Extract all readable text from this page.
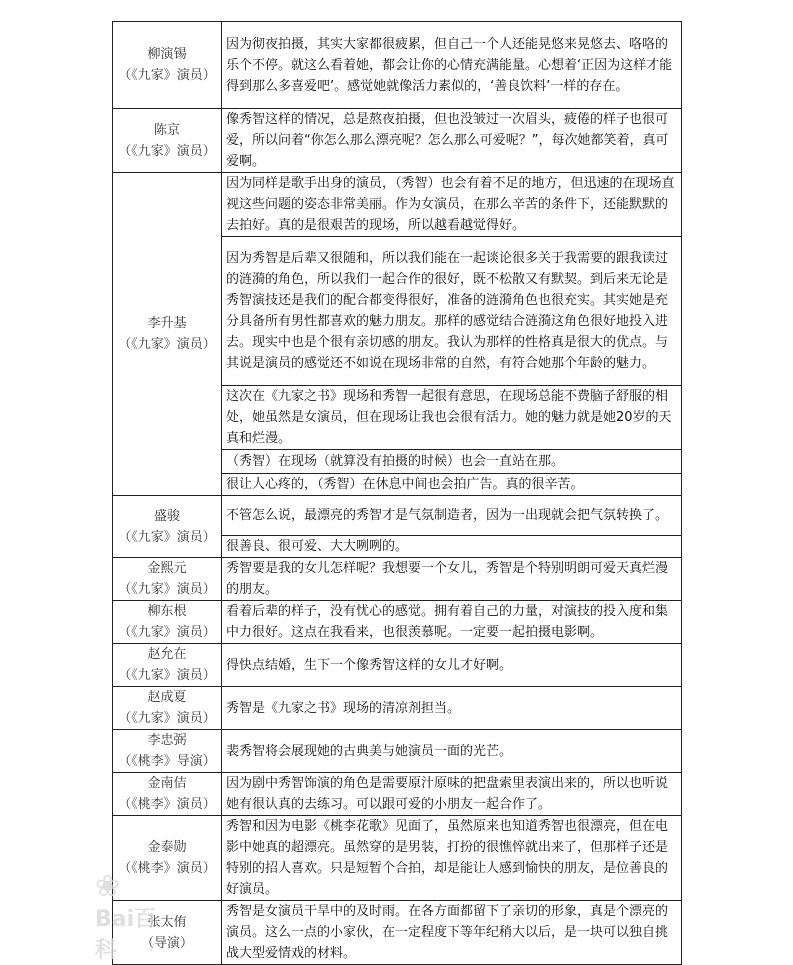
柳演锡
（《九家》演员）	因为彻夜拍摄，其实大家都很疲累，但自己一个人还能晃悠来晃悠去、咯咯的乐个不停。就这么看着她，都会让你的心情充满能量。心想着‘正因为这样才能得到那么多喜爱吧’。感觉她就像活力素似的，‘善良饮料’一样的存在。

陈京
（《九家》演员）	像秀智这样的情况，总是熬夜拍摄，但也没皱过一次眉头，疲倦的样子也很可爱，所以问着“你怎么那么漂亮呢？怎么那么可爱呢？”，每次她都笑着，真可爱啊。

李升基
（《九家》演员）	因为同样是歌手出身的演员，（秀智）也会有着不足的地方，但迅速的在现场直视这些问题的姿态非常美丽。作为女演员，在那么辛苦的条件下，还能默默的去拍好。真的是很艰苦的现场，所以越看越觉得好。
	因为秀智是后辈又很随和，所以我们能在一起谈论很多关于我需要的跟我读过的涟漪的角色，所以我们一起合作的很好，既不松散又有默契。到后来无论是秀智演技还是我们的配合都变得很好，准备的涟漪角色也很充实。其实她是充分具备所有男性都喜欢的魅力朋友。那样的感觉结合涟漪这角色很好地投入进去。现实中也是个很有亲切感的朋友。我认为那样的性格真是很大的优点。与其说是演员的感觉还不如说在现场非常的自然，有符合她那个年龄的魅力。
	这次在《九家之书》现场和秀智一起很有意思，在现场总能不费脑子舒服的相处，她虽然是女演员，但在现场让我也会很有活力。她的魅力就是她20岁的天真和烂漫。
	（秀智）在现场（就算没有拍摄的时候）也会一直站在那。
	很让人心疼的，（秀智）在休息中间也会拍广告。真的很辛苦。

盛骏
（《九家》演员）	不管怎么说，最漂亮的秀智才是气氛制造者，因为一出现就会把气氛转换了。
	很善良、很可爱、大大咧咧的。

金熙元
（《九家》演员）	秀智要是我的女儿怎样呢？我想要一个女儿，秀智是个特别明朗可爱天真烂漫的朋友。

柳东根
（《九家》演员）	看着后辈的样子，没有忧心的感觉。拥有着自己的力量，对演技的投入度和集中力很好。这点在我看来，也很羡慕呢。一定要一起拍摄电影啊。

赵允在
（《九家》演员）	得快点结婚，生下一个像秀智这样的女儿才好啊。

赵成夏
（《九家》演员）	秀智是《九家之书》现场的清凉剂担当。

李忠弼
（《桃李》导演）	裴秀智将会展现她的古典美与她演员一面的光芒。

金南佶
（《桃李》演员）	因为剧中秀智饰演的角色是需要原汁原味的把盘索里表演出来的，所以也听说她有很认真的去练习。可以跟可爱的小朋友一起合作了。

金泰勋
（《桃李》演员）	秀智和因为电影《桃李花歌》见面了，虽然原来也知道秀智也很漂亮，但在电影中她真的超漂亮。虽然穿的是男装，打扮的很憔悴就出来了，但那样子还是特别的招人喜欢。只是短暂个合拍，却是能让人感到愉快的朋友，是位善良的好演员。

张太侑
（导演）	秀智是女演员干旱中的及时雨。在各方面都留下了亲切的形象，真是个漂亮的演员。这么一点的小家伙，在一定程度下等年纪稍大以后，是一块可以独自挑战大型爱情戏的材料。
❀
Bai百科
